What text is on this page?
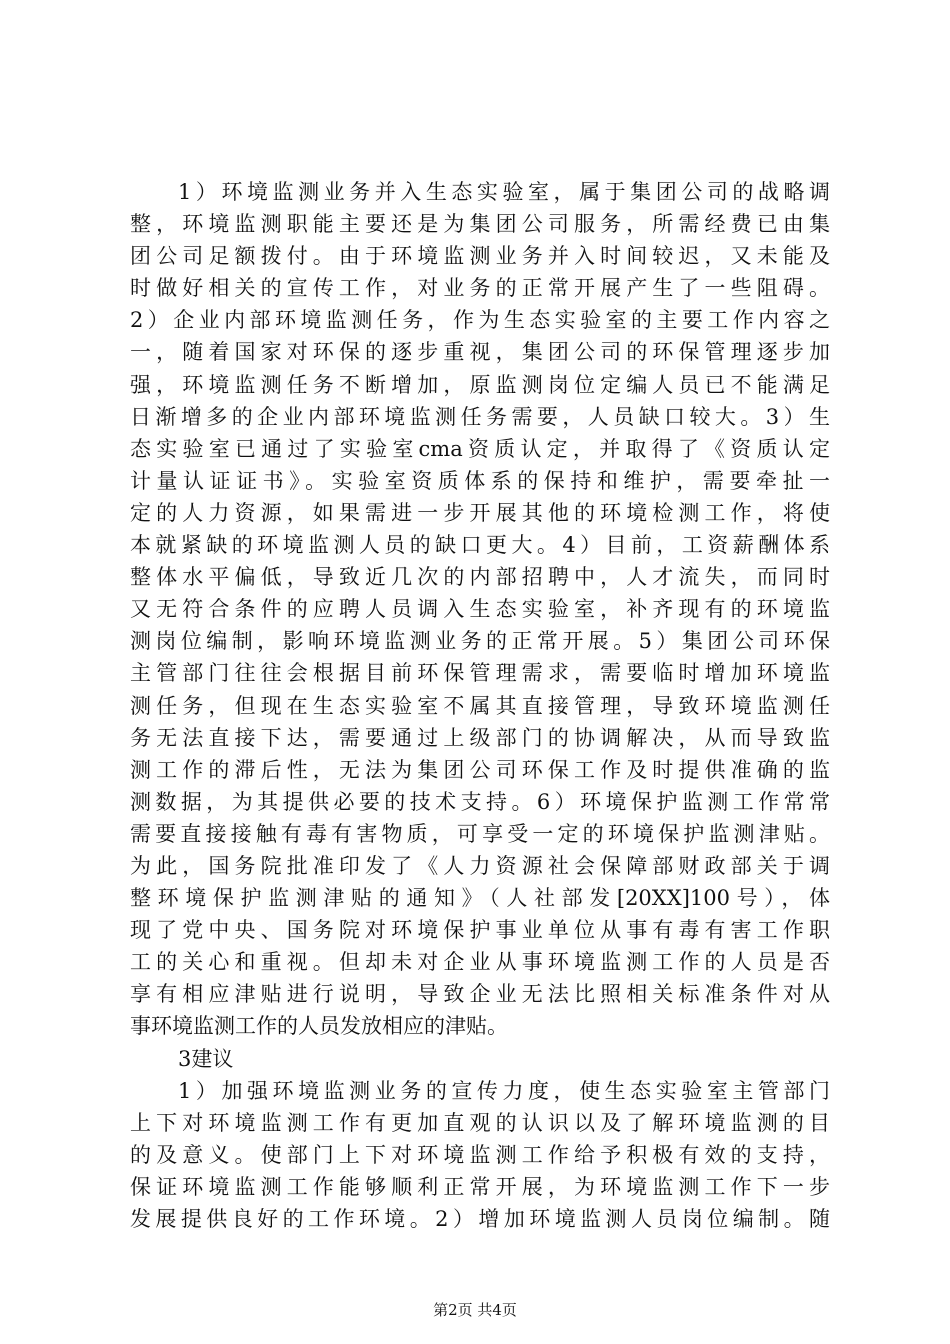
1）环境监测业务并入生态实验室，属于集团公司的战略调
整，环境监测职能主要还是为集团公司服务，所需经费已由集
团公司足额拨付。由于环境监测业务并入时间较迟，又未能及
时做好相关的宣传工作，对业务的正常开展产生了一些阻碍。
2）企业内部环境监测任务，作为生态实验室的主要工作内容之
一，随着国家对环保的逐步重视，集团公司的环保管理逐步加
强，环境监测任务不断增加，原监测岗位定编人员已不能满足
日渐增多的企业内部环境监测任务需要，人员缺口较大。3）生
态实验室已通过了实验室cma资质认定，并取得了《资质认定
计量认证证书》。实验室资质体系的保持和维护，需要牵扯一
定的人力资源，如果需进一步开展其他的环境检测工作，将使
本就紧缺的环境监测人员的缺口更大。4）目前，工资薪酬体系
整体水平偏低，导致近几次的内部招聘中，人才流失，而同时
又无符合条件的应聘人员调入生态实验室，补齐现有的环境监
测岗位编制，影响环境监测业务的正常开展。5）集团公司环保
主管部门往往会根据目前环保管理需求，需要临时增加环境监
测任务，但现在生态实验室不属其直接管理，导致环境监测任
务无法直接下达，需要通过上级部门的协调解决，从而导致监
测工作的滞后性，无法为集团公司环保工作及时提供准确的监
测数据，为其提供必要的技术支持。6）环境保护监测工作常常
需要直接接触有毒有害物质，可享受一定的环境保护监测津贴。
为此，国务院批准印发了《人力资源社会保障部财政部关于调
整环境保护监测津贴的通知》（人社部发[20XX]100号），体
现了党中央、国务院对环境保护事业单位从事有毒有害工作职
工的关心和重视。但却未对企业从事环境监测工作的人员是否
享有相应津贴进行说明，导致企业无法比照相关标准条件对从
事环境监测工作的人员发放相应的津贴。
3建议
1）加强环境监测业务的宣传力度，使生态实验室主管部门
上下对环境监测工作有更加直观的认识以及了解环境监测的目
的及意义。使部门上下对环境监测工作给予积极有效的支持，
保证环境监测工作能够顺利正常开展，为环境监测工作下一步
发展提供良好的工作环境。2）增加环境监测人员岗位编制。随
第2页 共4页
